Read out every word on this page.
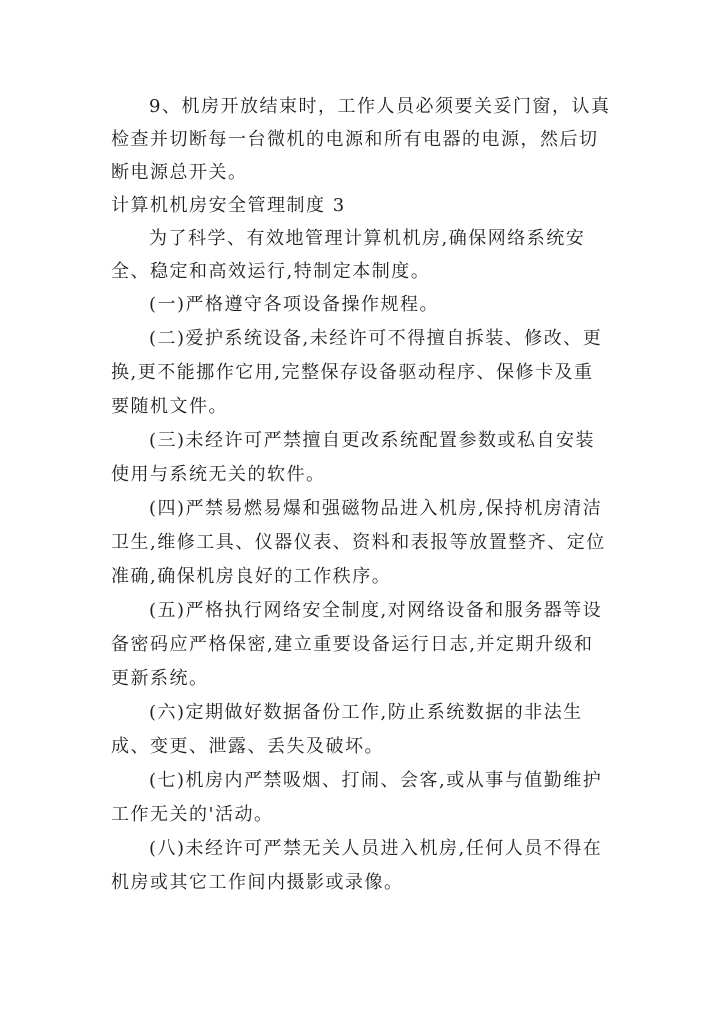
9、机房开放结束时，工作人员必须要关妥门窗，认真检查并切断每一台微机的电源和所有电器的电源，然后切断电源总开关。

计算机机房安全管理制度 3

为了科学、有效地管理计算机机房,确保网络系统安全、稳定和高效运行,特制定本制度。

(一)严格遵守各项设备操作规程。

(二)爱护系统设备,未经许可不得擅自拆装、修改、更换,更不能挪作它用,完整保存设备驱动程序、保修卡及重要随机文件。

(三)未经许可严禁擅自更改系统配置参数或私自安装使用与系统无关的软件。

(四)严禁易燃易爆和强磁物品进入机房,保持机房清洁卫生,维修工具、仪器仪表、资料和表报等放置整齐、定位准确,确保机房良好的工作秩序。

(五)严格执行网络安全制度,对网络设备和服务器等设备密码应严格保密,建立重要设备运行日志,并定期升级和更新系统。

(六)定期做好数据备份工作,防止系统数据的非法生成、变更、泄露、丢失及破坏。

(七)机房内严禁吸烟、打闹、会客,或从事与值勤维护工作无关的'活动。

(八)未经许可严禁无关人员进入机房,任何人员不得在机房或其它工作间内摄影或录像。
